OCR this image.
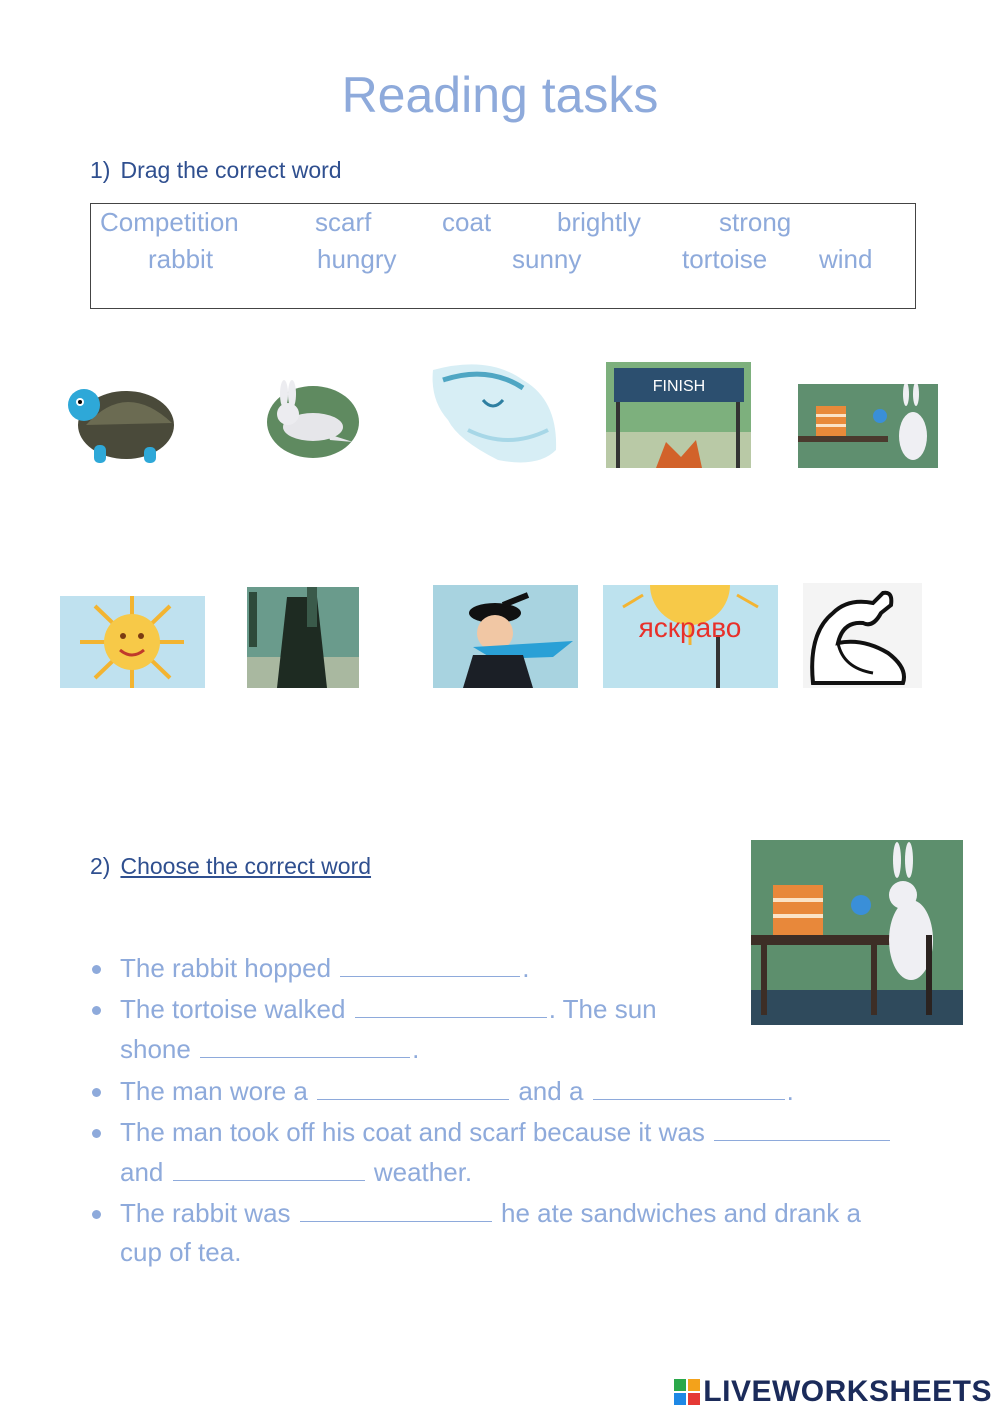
Reading tasks
1) Drag the correct word
Competition	scarf	coat	brightly	strong
rabbit	hungry	sunny	tortoise wind
FINISH
яскраво
2) Choose the correct word
The rabbit hopped	.
The tortoise walked	. The sun
shone	.
The man wore a	and a	.
The man took off his coat and scarf because it was
and	weather.
The rabbit was	he ate sandwiches and drank a
cup of tea.
LIVEWORKSHEETS
